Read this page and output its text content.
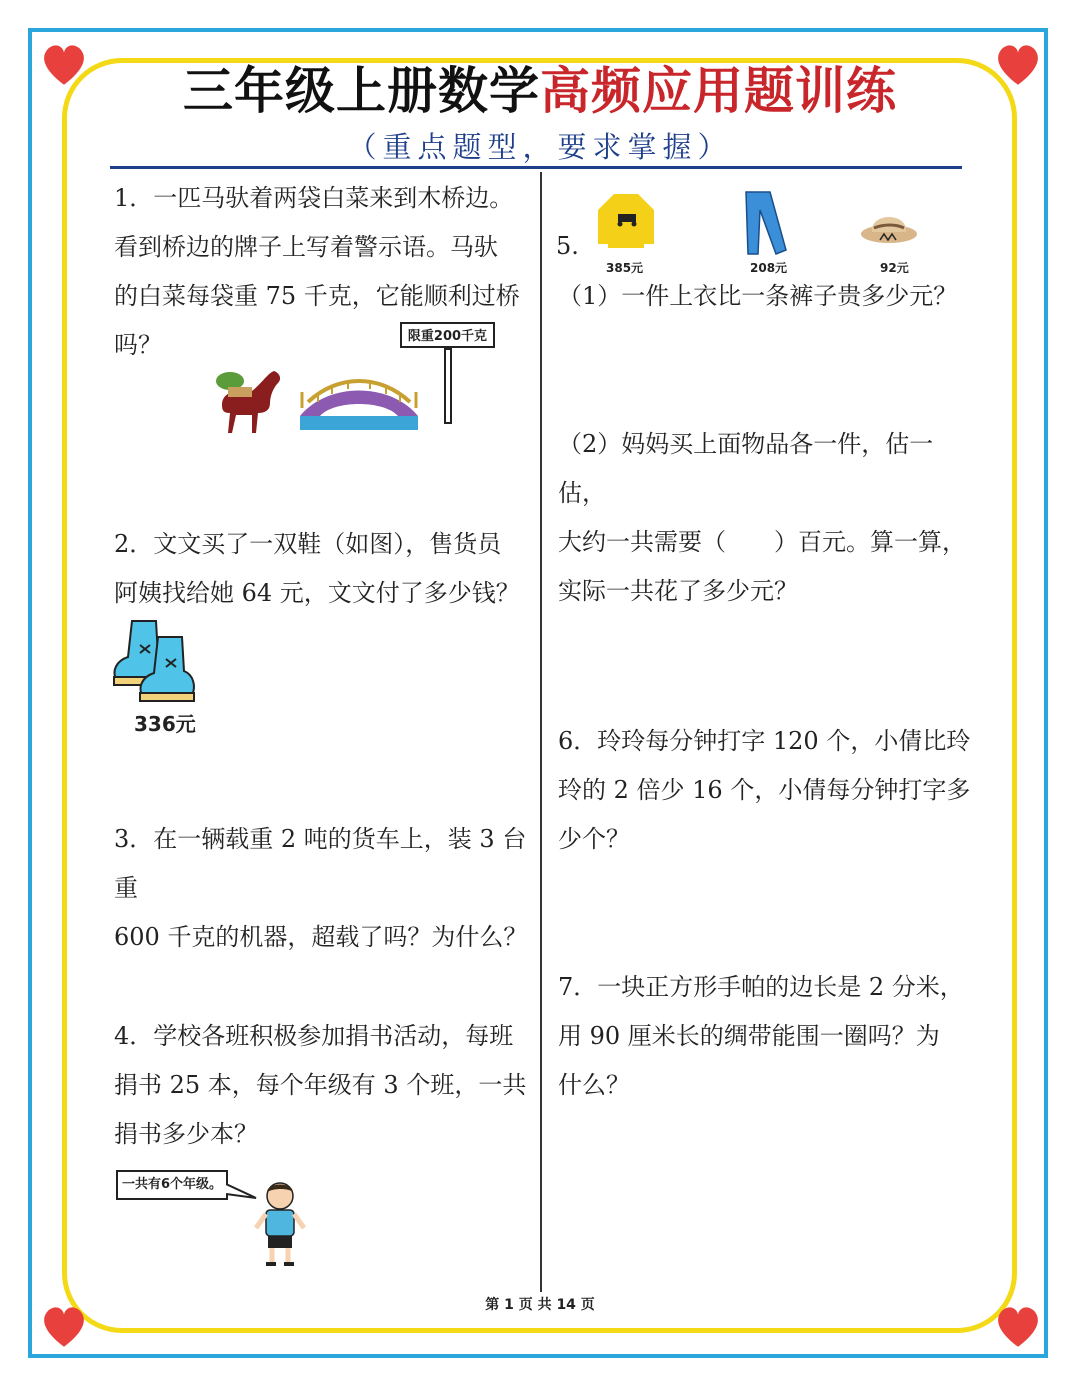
三年级上册数学高频应用题训练
（重点题型，要求掌握）

1．一匹马驮着两袋白菜来到木桥边。

看到桥边的牌子上写着警示语。马驮

的白菜每袋重 75 千克，它能顺利过桥

吗？	限重200千克

2．文文买了一双鞋（如图），售货员

阿姨找给她 64 元，文文付了多少钱？

336元

3．在一辆载重 2 吨的货车上，装 3 台重

600 千克的机器，超载了吗？为什么？

4．学校各班积极参加捐书活动，每班

捐书 25 本，每个年级有 3 个班，一共

捐书多少本？

一共有6个年级。
5.
385元	208元	92元

（1）一件上衣比一条裤子贵多少元？

（2）妈妈买上面物品各一件，估一估，

大约一共需要（　　）百元。算一算，

实际一共花了多少元？

6．玲玲每分钟打字 120 个，小倩比玲

玲的 2 倍少 16 个，小倩每分钟打字多

少个？

7．一块正方形手帕的边长是 2 分米，

用 90 厘米长的绸带能围一圈吗？为

什么？

第 1 页 共 14 页
